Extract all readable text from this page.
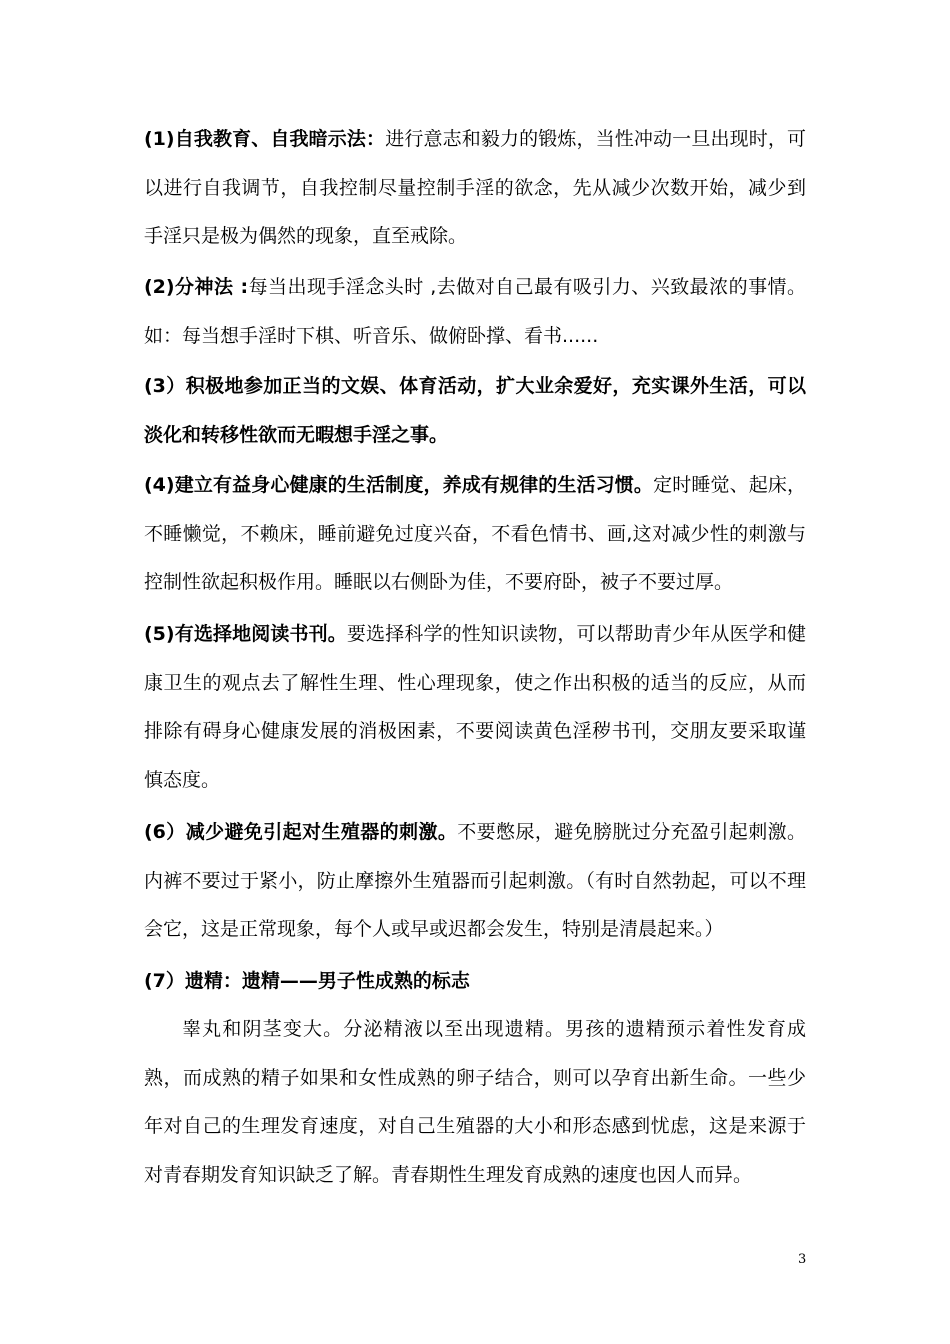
(1)自我教育、自我暗示法：进行意志和毅力的锻炼，当性冲动一旦出现时，可以进行自我调节，自我控制尽量控制手淫的欲念，先从减少次数开始，减少到手淫只是极为偶然的现象，直至戒除。

(2)分神法 :每当出现手淫念头时 ,去做对自己最有吸引力、兴致最浓的事情。如：每当想手淫时下棋、听音乐、做俯卧撑、看书......

(3）积极地参加正当的文娱、体育活动，扩大业余爱好，充实课外生活，可以淡化和转移性欲而无暇想手淫之事。

(4)建立有益身心健康的生活制度，养成有规律的生活习惯。定时睡觉、起床，不睡懒觉，不赖床，睡前避免过度兴奋，不看色情书、画,这对减少性的刺激与控制性欲起积极作用。睡眠以右侧卧为佳，不要府卧，被子不要过厚。

(5)有选择地阅读书刊。要选择科学的性知识读物，可以帮助青少年从医学和健康卫生的观点去了解性生理、性心理现象，使之作出积极的适当的反应，从而排除有碍身心健康发展的消极困素，不要阅读黄色淫秽书刊，交朋友要采取谨慎态度。

(6）减少避免引起对生殖器的刺激。不要憋尿，避免膀胱过分充盈引起刺激。 内裤不要过于紧小，防止摩擦外生殖器而引起刺激。（有时自然勃起，可以不理会它，这是正常现象，每个人或早或迟都会发生，特别是清晨起来。）

(7）遗精：遗精——男子性成熟的标志

睾丸和阴茎变大。分泌精液以至出现遗精。男孩的遗精预示着性发育成熟，而成熟的精子如果和女性成熟的卵子结合，则可以孕育出新生命。一些少年对自己的生理发育速度，对自己生殖器的大小和形态感到忧虑，这是来源于对青春期发育知识缺乏了解。青春期性生理发育成熟的速度也因人而异。

3
